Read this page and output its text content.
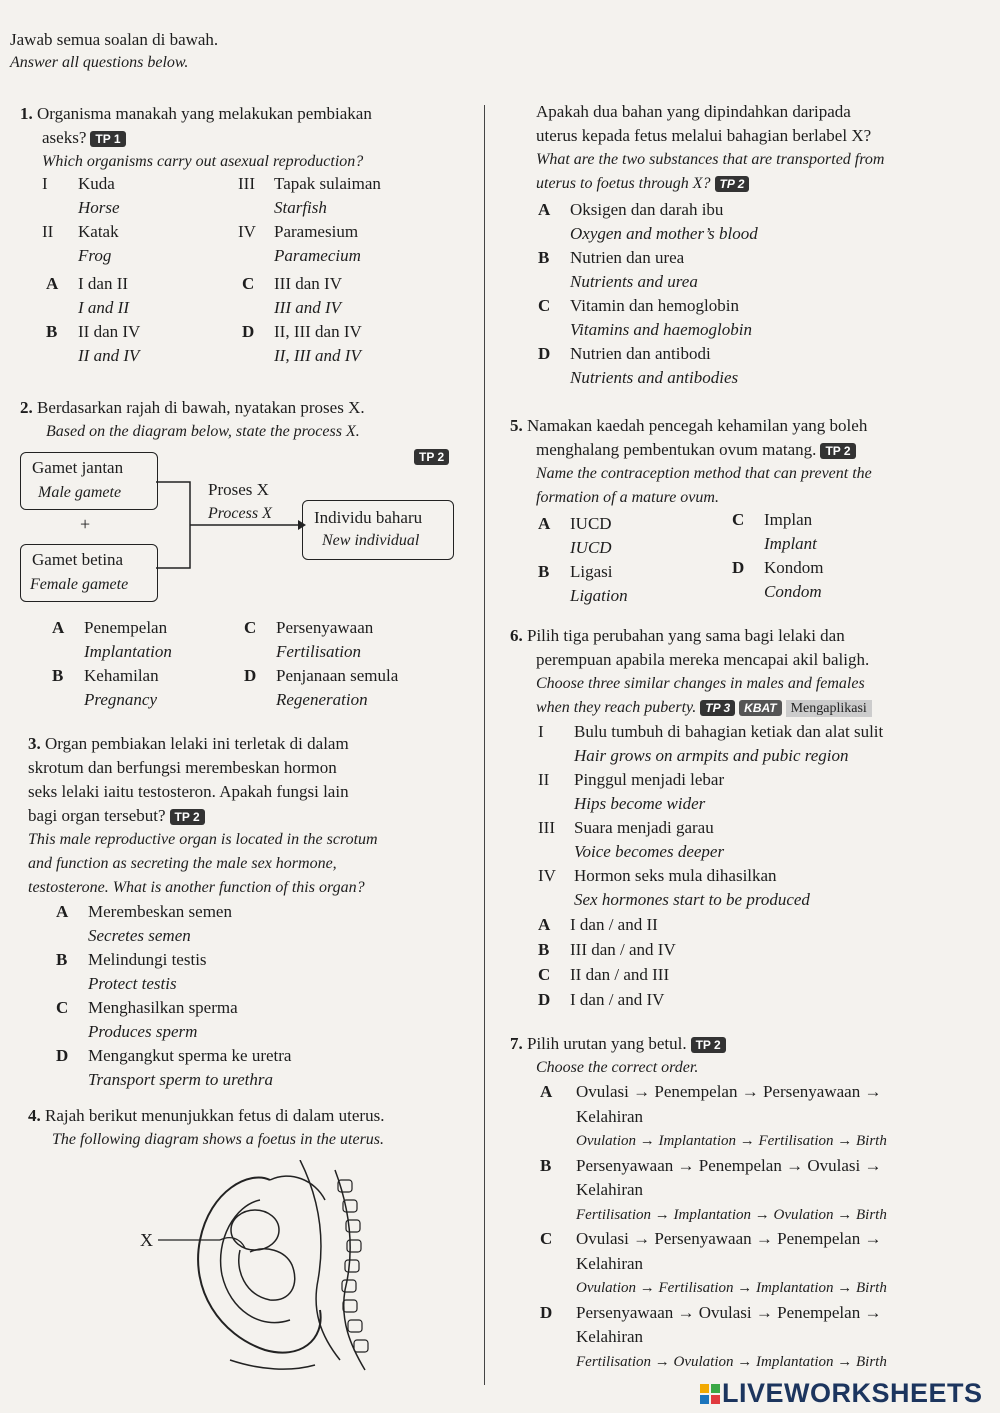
Jawab semua soalan di bawah.
Answer all questions below.
1. Organisma manakah yang melakukan pembiakan
aseks? TP 1
Which organisms carry out asexual reproduction?
I Kuda
Horse
II Katak
Frog
III Tapak sulaiman
Starfish
IV Paramesium
Paramecium
A I dan II
I and II
B II dan IV
II and IV
C III dan IV
III and IV
D II, III dan IV
II, III and IV
2. Berdasarkan rajah di bawah, nyatakan proses X.
Based on the diagram below, state the process X.
TP 2
Gamet jantan
Male gamete
+
Gamet betina
Female gamete
Proses X
Process X Individu baharu
New individual
A Penempelan
Implantation
B Kehamilan
Pregnancy
C Persenyawaan
Fertilisation
D Penjanaan semula
Regeneration
3. Organ pembiakan lelaki ini terletak di dalam
skrotum dan berfungsi merembeskan hormon
seks lelaki iaitu testosteron. Apakah fungsi lain
bagi organ tersebut? TP 2
This male reproductive organ is located in the scrotum
and function as secreting the male sex hormone,
testosterone. What is another function of this organ?
A Merembeskan semen
Secretes semen
B Melindungi testis
Protect testis
C Menghasilkan sperma
Produces sperm
D Mengangkut sperma ke uretra
Transport sperm to urethra
4. Rajah berikut menunjukkan fetus di dalam uterus.
The following diagram shows a foetus in the uterus.
X
Apakah dua bahan yang dipindahkan daripada
uterus kepada fetus melalui bahagian berlabel X?
What are the two substances that are transported from
uterus to foetus through X? TP 2
A Oksigen dan darah ibu
Oxygen and mother’s blood
B Nutrien dan urea
Nutrients and urea
C Vitamin dan hemoglobin
Vitamins and haemoglobin
D Nutrien dan antibodi
Nutrients and antibodies
5. Namakan kaedah pencegah kehamilan yang boleh
menghalang pembentukan ovum matang. TP 2
Name the contraception method that can prevent the
formation of a mature ovum.
A IUCD
IUCD
B Ligasi
Ligation
C Implan
Implant
D Kondom
Condom
6. Pilih tiga perubahan yang sama bagi lelaki dan
perempuan apabila mereka mencapai akil baligh.
Choose three similar changes in males and females
when they reach puberty. TP 3 KBAT Mengaplikasi
I Bulu tumbuh di bahagian ketiak dan alat sulit
Hair grows on armpits and pubic region
II Pinggul menjadi lebar
Hips become wider
III Suara menjadi garau
Voice becomes deeper
IV Hormon seks mula dihasilkan
Sex hormones start to be produced
A I dan / and II
B III dan / and IV
C II dan / and III
D I dan / and IV
7. Pilih urutan yang betul. TP 2
Choose the correct order.
A Ovulasi → Penempelan → Persenyawaan →
Kelahiran
Ovulation → Implantation → Fertilisation → Birth
B Persenyawaan → Penempelan → Ovulasi →
Kelahiran
Fertilisation → Implantation → Ovulation → Birth
C Ovulasi → Persenyawaan → Penempelan →
Kelahiran
Ovulation → Fertilisation → Implantation → Birth
D Persenyawaan → Ovulasi → Penempelan →
Kelahiran
Fertilisation → Ovulation → Implantation → Birth
LIVEWORKSHEETS
